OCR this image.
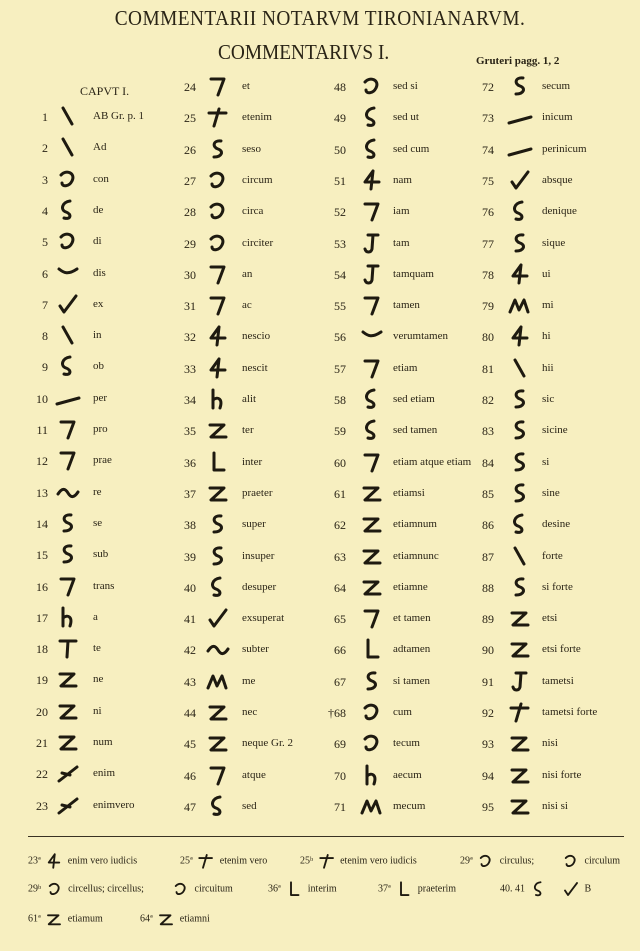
COMMENTARII NOTARVM TIRONIANARVM.
COMMENTARIVS I.	Gruteri pagg. 1, 2
CAPVT I.
1	AB Gr. p. 1
2	Ad
3	con
4	de
5	di
6	dis
7	ex
8	in
9	ob
10	per
11	pro
12	prae
13	re
14	se
15	sub
16	trans
17	a
18	te
19	ne
20	ni
21	num
22	enim
23	enimvero
24	et
25	etenim
26	seso
27	circum
28	circa
29	circiter
30	an
31	ac
32	nescio
33	nescit
34	alit
35	ter
36	inter
37	praeter
38	super
39	insuper
40	desuper
41	exsuperat
42	subter
43	me
44	nec
45	neque Gr. 2
46	atque
47	sed
48	sed si
49	sed ut
50	sed cum
51	nam
52	iam
53	tam
54	tamquam
55	tamen
56	verumtamen
57	etiam
58	sed etiam
59	sed tamen
60	etiam atque etiam
61	etiamsi
62	etiamnum
63	etiamnunc
64	etiamne
65	et tamen
66	adtamen
67	si tamen
†68	cum
69	tecum
70	aecum
71	mecum
72	secum
73	inicum
74	perinicum
75	absque
76	denique
77	sique
78	ui
79	mi
80	hi
81	hii
82	sic
83	sicine
84	si
85	sine
86	desine
87	forte
88	si forte
89	etsi
90	etsi forte
91	tametsi
92	tametsi forte
93	nisi
94	nisi forte
95	nisi si
23ª	enim vero iudicis	25ª	etenim vero	25ᵇ	etenim vero iudicis	29ª	circulus;	circulum
29ᵇ	circellus; circellus;	circuitum	36ª	interim	37ª	praeterim	40. 41	B
61ª	etiamum	64ª	etiamni
